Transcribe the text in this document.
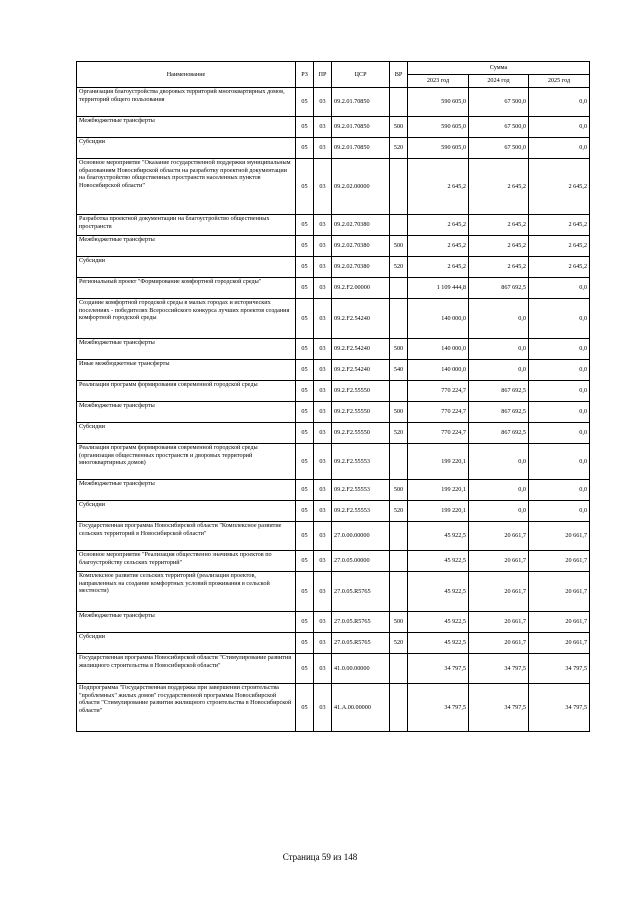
Наименование	РЗ	ПР	ЦСР	ВР	Сумма		
					2023 год	2024 год	2025 год
Организация благоустройства дворовых территорий многоквартирных домов, территорий общего пользования	05	03	09.2.01.70850		590 605,0	67 500,0	0,0
Межбюджетные трансферты	05	03	09.2.01.70850	500	590 605,0	67 500,0	0,0
Субсидии	05	03	09.2.01.70850	520	590 605,0	67 500,0	0,0
Основное мероприятие "Оказание государственной поддержки муниципальным образованиям Новосибирской области на разработку проектной документации на благоустройство общественных пространств населенных пунктов Новосибирской области"	05	03	09.2.02.00000		2 645,2	2 645,2	2 645,2
Разработка проектной документации на благоустройство общественных пространств	05	03	09.2.02.70380		2 645,2	2 645,2	2 645,2
Межбюджетные трансферты	05	03	09.2.02.70380	500	2 645,2	2 645,2	2 645,2
Субсидии	05	03	09.2.02.70380	520	2 645,2	2 645,2	2 645,2
Региональный проект "Формирование комфортной городской среды"	05	03	09.2.F2.00000		1 109 444,8	867 692,5	0,0
Создание комфортной городской среды в малых городах и исторических поселениях - победителях Всероссийского конкурса лучших проектов создания комфортной городской среды	05	03	09.2.F2.54240		140 000,0	0,0	0,0
Межбюджетные трансферты	05	03	09.2.F2.54240	500	140 000,0	0,0	0,0
Иные межбюджетные трансферты	05	03	09.2.F2.54240	540	140 000,0	0,0	0,0
Реализация программ формирования современной городской среды	05	03	09.2.F2.55550		770 224,7	867 692,5	0,0
Межбюджетные трансферты	05	03	09.2.F2.55550	500	770 224,7	867 692,5	0,0
Субсидии	05	03	09.2.F2.55550	520	770 224,7	867 692,5	0,0
Реализация программ формирования современной городской среды (организация общественных пространств и дворовых территорий многоквартирных домов)	05	03	09.2.F2.55553		199 220,1	0,0	0,0
Межбюджетные трансферты	05	03	09.2.F2.55553	500	199 220,1	0,0	0,0
Субсидии	05	03	09.2.F2.55553	520	199 220,1	0,0	0,0
Государственная программа Новосибирской области "Комплексное развитие сельских территорий в Новосибирской области"	05	03	27.0.00.00000		45 922,5	20 661,7	20 661,7
Основное мероприятие "Реализация общественно значимых проектов по благоустройству сельских территорий"	05	03	27.0.05.00000		45 922,5	20 661,7	20 661,7
Комплексное развитие сельских территорий (реализация проектов, направленных на создание комфортных условий проживания в сельской местности)	05	03	27.0.05.R5765		45 922,5	20 661,7	20 661,7
Межбюджетные трансферты	05	03	27.0.05.R5765	500	45 922,5	20 661,7	20 661,7
Субсидии	05	03	27.0.05.R5765	520	45 922,5	20 661,7	20 661,7
Государственная программа Новосибирской области "Стимулирование развития жилищного строительства в Новосибирской области"	05	03	41.0.00.00000		34 797,5	34 797,5	34 797,5
Подпрограмма "Государственная поддержка при завершении строительства "проблемных" жилых домов" государственной программы Новосибирской области "Стимулирование развития жилищного строительства в Новосибирской области"	05	03	41.А.00.00000		34 797,5	34 797,5	34 797,5
Страница 59 из 148
